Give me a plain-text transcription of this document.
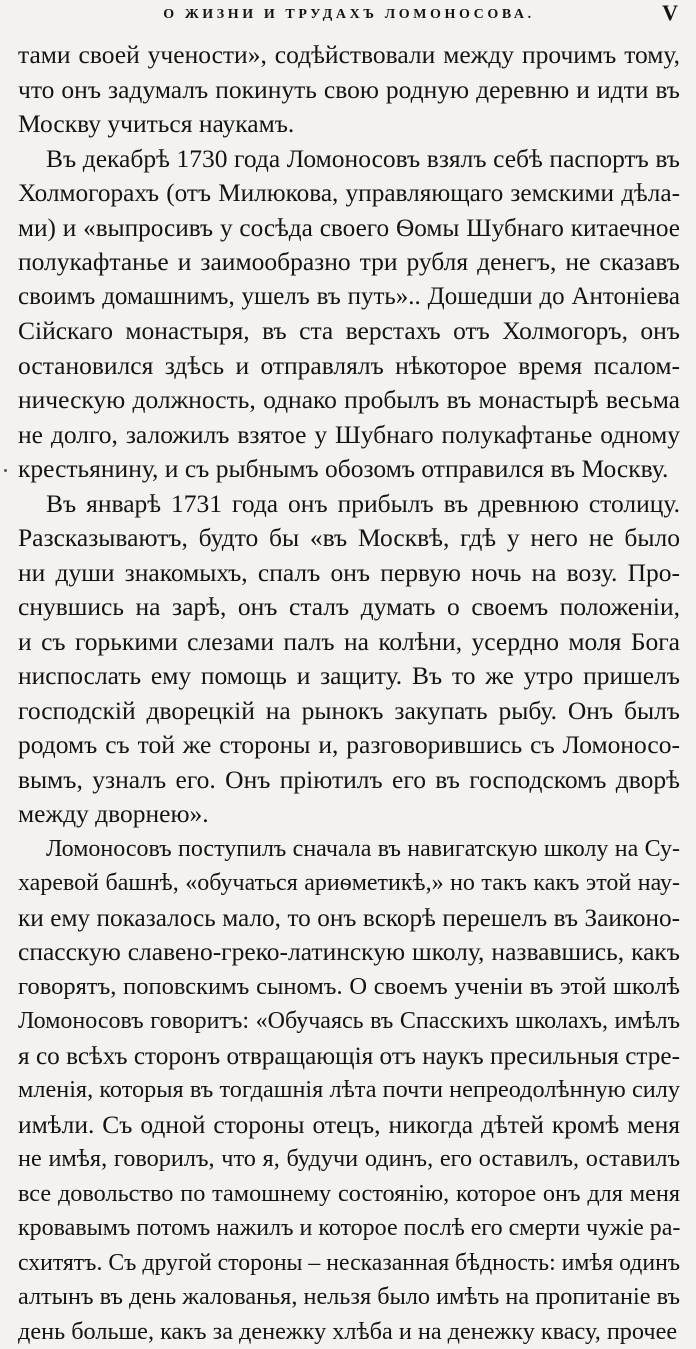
О ЖИЗНИ И ТРУДАХЪ ЛОМОНОСОВА.	V

тами своей учености», содѣйствовали между прочимъ тому,
что онъ задумалъ покинуть свою родную деревню и идти въ
Москву учиться наукамъ.

Въ декабрѣ 1730 года Ломоносовъ взялъ себѣ паспортъ въ
Холмогорахъ (отъ Милюкова, управляющаго земскими дѣла-
ми) и «выпросивъ у сосѣда своего Ѳомы Шубнаго китаечное
полукафтанье и заимообразно три рубля денегъ, не сказавъ
своимъ домашнимъ, ушелъ въ путь».. Дошедши до Антоніева
Сійскаго монастыря, въ ста верстахъ отъ Холмогоръ, онъ
остановился здѣсь и отправлялъ нѣкоторое время псалом-
ническую должность, однако пробылъ въ монастырѣ весьма
не долго, заложилъ взятое у Шубнаго полукафтанье одному
крестьянину, и съ рыбнымъ обозомъ отправился въ Москву.

Въ январѣ 1731 года онъ прибылъ въ древнюю столицу.
Разсказываютъ, будто бы «въ Москвѣ, гдѣ у него не было
ни души знакомыхъ, спалъ онъ первую ночь на возу. Про-
снувшись на зарѣ, онъ сталъ думать о своемъ положеніи,
и съ горькими слезами палъ на колѣни, усердно моля Бога
ниспослать ему помощь и защиту. Въ то же утро пришелъ
господскій дворецкій на рынокъ закупать рыбу. Онъ былъ
родомъ съ той же стороны и, разговорившись съ Ломоносо-
вымъ, узналъ его. Онъ пріютилъ его въ господскомъ дворѣ
между дворнею».

Ломоносовъ поступилъ сначала въ навигатскую школу на Су-
харевой башнѣ, «обучаться ариѳметикѣ,» но такъ какъ этой нау-
ки ему показалось мало, то онъ вскорѣ перешелъ въ Заиконо-
спасскую славено-греко-латинскую школу, назвавшись, какъ
говорятъ, поповскимъ сыномъ. О своемъ ученіи въ этой школѣ
Ломоносовъ говоритъ: «Обучаясь въ Спасскихъ школахъ, имѣлъ
я со всѣхъ сторонъ отвращающія отъ наукъ пресильныя стре-
мленія, которыя въ тогдашнія лѣта почти непреодолѣнную силу
имѣли. Съ одной стороны отецъ, никогда дѣтей кромѣ меня
не имѣя, говорилъ, что я, будучи одинъ, его оставилъ, оставилъ
все довольство по тамошнему состоянію, которое онъ для меня
кровавымъ потомъ нажилъ и которое послѣ его смерти чужіе рa-
схитятъ. Съ другой стороны – несказанная бѣдность: имѣя одинъ
алтынъ въ день жалованья, нельзя было имѣть на пропитаніе въ
день больше, какъ за денежку хлѣба и на денежку квасу, прочее
